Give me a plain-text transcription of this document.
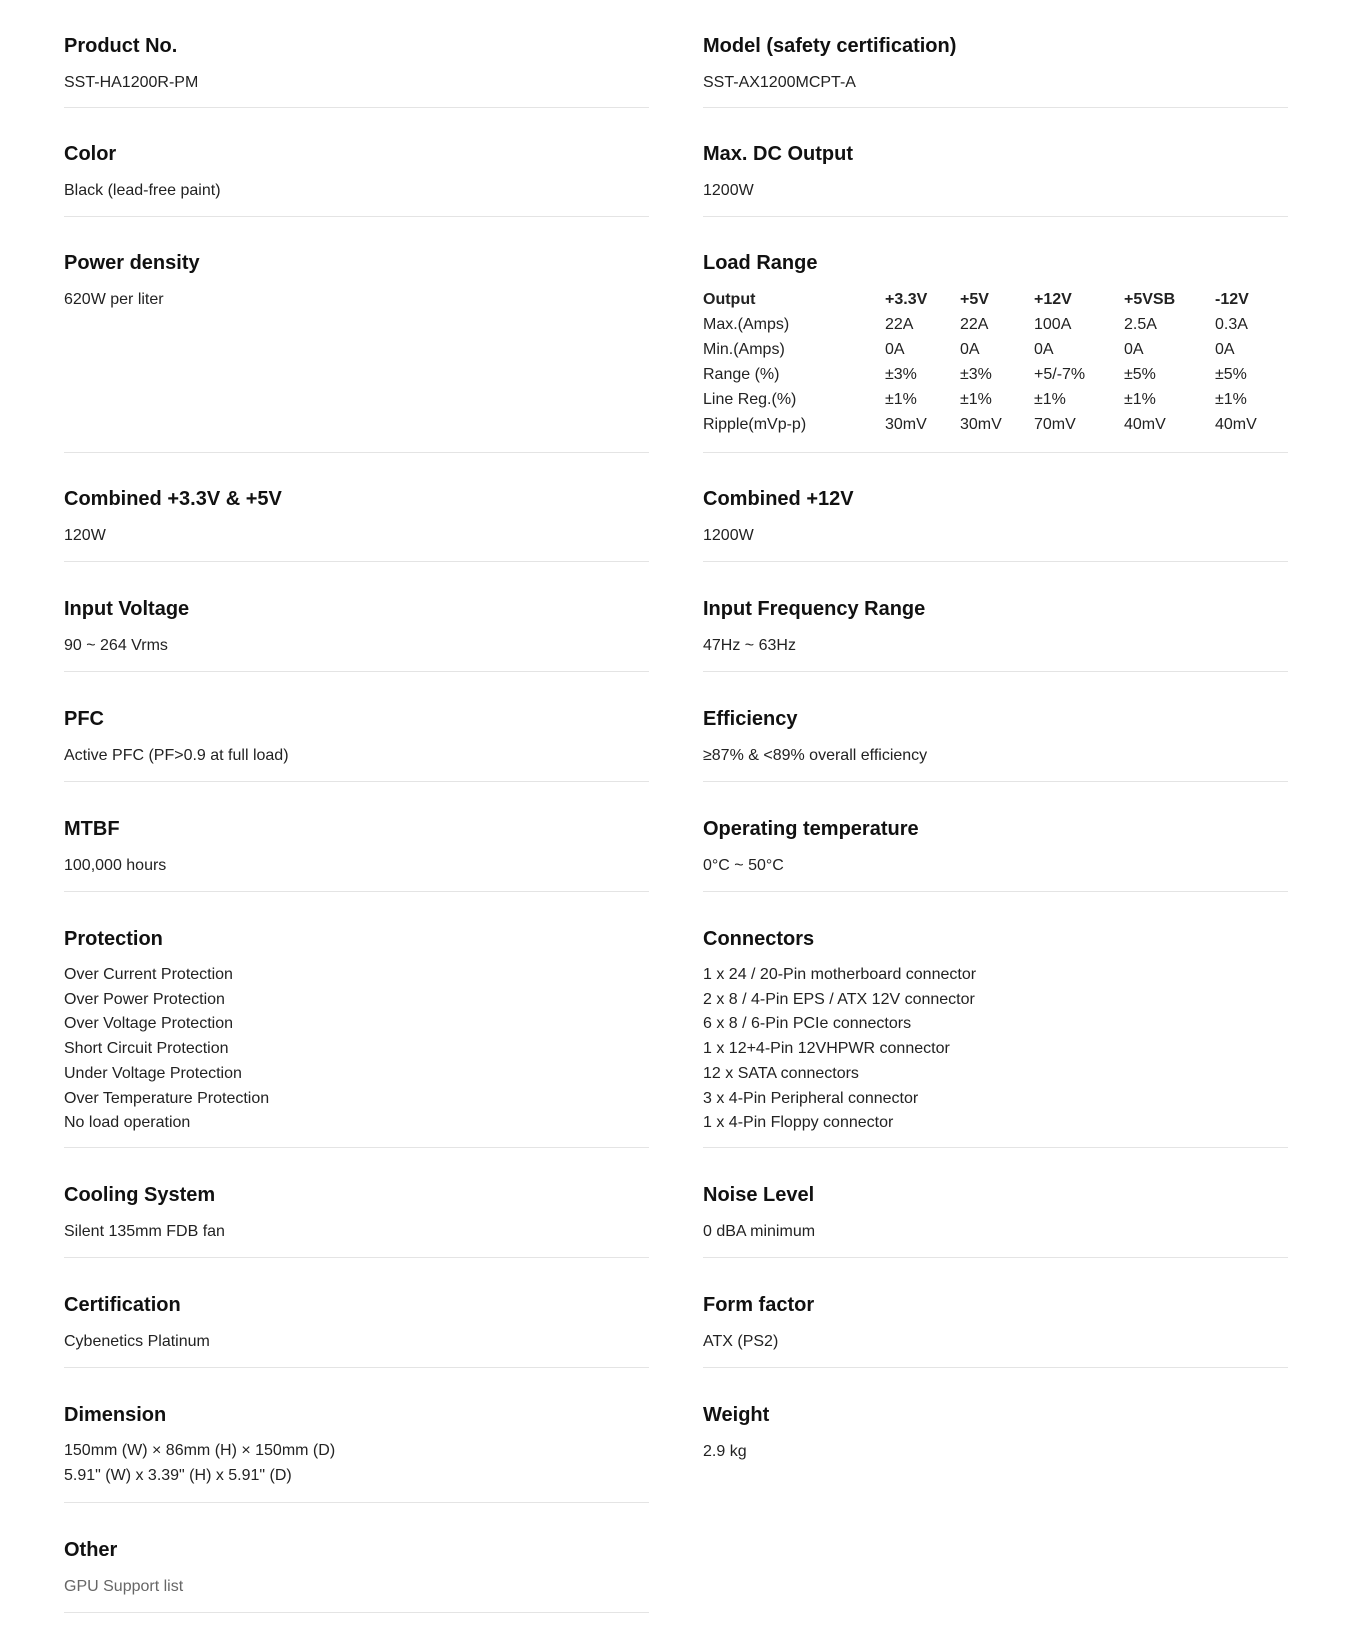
Product No.
SST-HA1200R-PM
Model (safety certification)
SST-AX1200MCPT-A
Color
Black (lead-free paint)
Max. DC Output
1200W
Power density
620W per liter
Load Range
Output	+3.3V	+5V	+12V	+5VSB	-12V
Max.(Amps)	22A	22A	100A	2.5A	0.3A
Min.(Amps)	0A	0A	0A	0A	0A
Range (%)	±3%	±3%	+5/-7%	±5%	±5%
Line Reg.(%)	±1%	±1%	±1%	±1%	±1%
Ripple(mVp-p)	30mV	30mV	70mV	40mV	40mV
Combined +3.3V & +5V
120W
Combined +12V
1200W
Input Voltage
90 ~ 264 Vrms
Input Frequency Range
47Hz ~ 63Hz
PFC
Active PFC (PF>0.9 at full load)
Efficiency
≥87% & <89% overall efficiency
MTBF
100,000 hours
Operating temperature
0°C ~ 50°C
Protection
Over Current Protection
Over Power Protection
Over Voltage Protection
Short Circuit Protection
Under Voltage Protection
Over Temperature Protection
No load operation
Connectors
1 x 24 / 20-Pin motherboard connector
2 x 8 / 4-Pin EPS / ATX 12V connector
6 x 8 / 6-Pin PCIe connectors
1 x 12+4-Pin 12VHPWR connector
12 x SATA connectors
3 x 4-Pin Peripheral connector
1 x 4-Pin Floppy connector
Cooling System
Silent 135mm FDB fan
Noise Level
0 dBA minimum
Certification
Cybenetics Platinum
Form factor
ATX (PS2)
Dimension
150mm (W) × 86mm (H) × 150mm (D)
5.91" (W) x 3.39" (H) x 5.91" (D)
Weight
2.9 kg
Other
GPU Support list
